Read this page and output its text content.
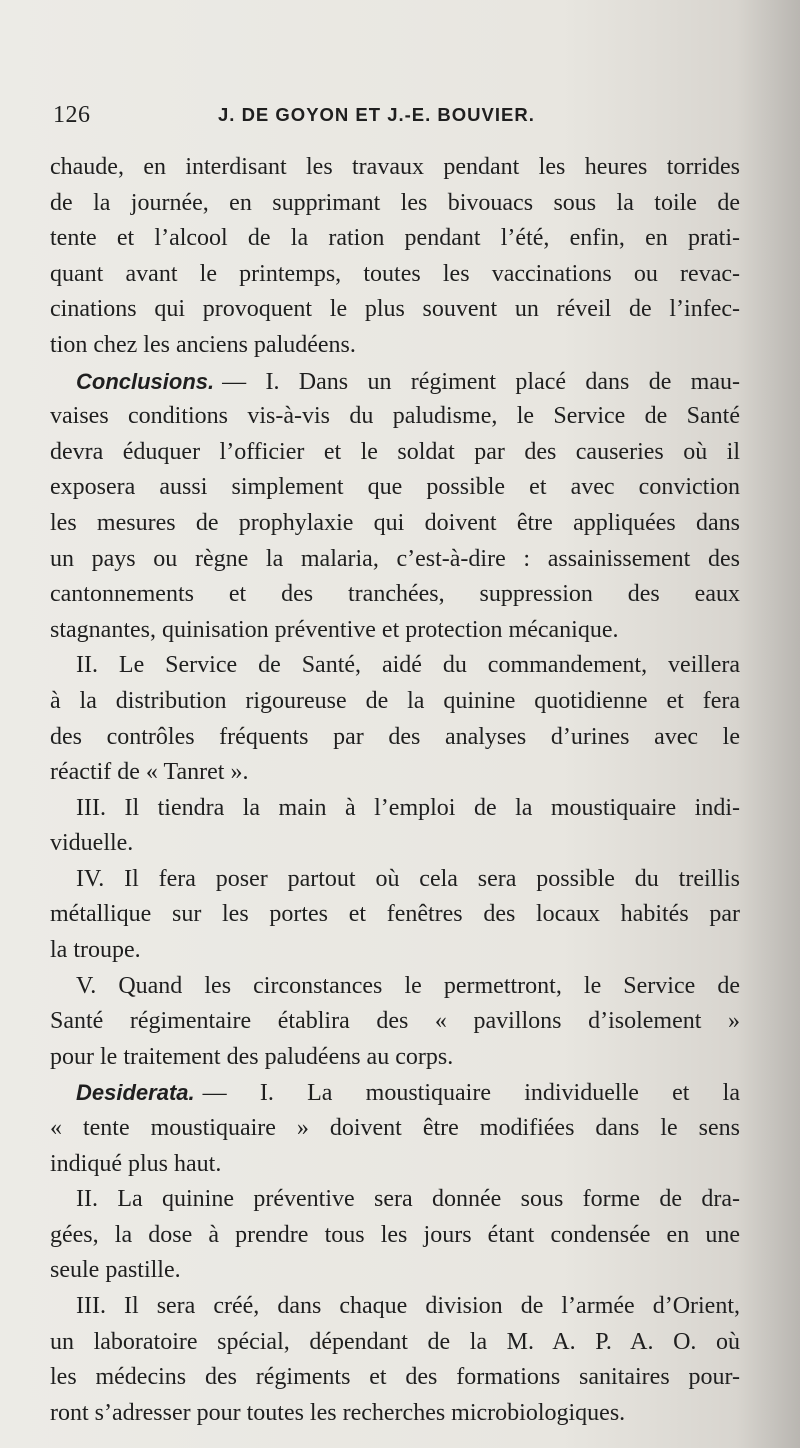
126	J. DE GOYON ET J.-E. BOUVIER.
chaude, en interdisant les travaux pendant les heures torrides
de la journée, en supprimant les bivouacs sous la toile de
tente et l’alcool de la ration pendant l’été, enfin, en prati-
quant avant le printemps, toutes les vaccinations ou revac-
cinations qui provoquent le plus souvent un réveil de l’infec-
tion chez les anciens paludéens.
Conclusions. — I. Dans un régiment placé dans de mau-
vaises conditions vis-à-vis du paludisme, le Service de Santé
devra éduquer l’officier et le soldat par des causeries où il
exposera aussi simplement que possible et avec conviction
les mesures de prophylaxie qui doivent être appliquées dans
un pays ou règne la malaria, c’est-à-dire : assainissement des
cantonnements et des tranchées, suppression des eaux
stagnantes, quinisation préventive et protection mécanique.
II. Le Service de Santé, aidé du commandement, veillera
à la distribution rigoureuse de la quinine quotidienne et fera
des contrôles fréquents par des analyses d’urines avec le
réactif de « Tanret ».
III. Il tiendra la main à l’emploi de la moustiquaire indi-
viduelle.
IV. Il fera poser partout où cela sera possible du treillis
métallique sur les portes et fenêtres des locaux habités par
la troupe.
V. Quand les circonstances le permettront, le Service de
Santé régimentaire établira des « pavillons d’isolement »
pour le traitement des paludéens au corps.
Desiderata. — I. La moustiquaire individuelle et la
« tente moustiquaire » doivent être modifiées dans le sens
indiqué plus haut.
II. La quinine préventive sera donnée sous forme de dra-
gées, la dose à prendre tous les jours étant condensée en une
seule pastille.
III. Il sera créé, dans chaque division de l’armée d’Orient,
un laboratoire spécial, dépendant de la M. A. P. A. O. où
les médecins des régiments et des formations sanitaires pour-
ront s’adresser pour toutes les recherches microbiologiques.
